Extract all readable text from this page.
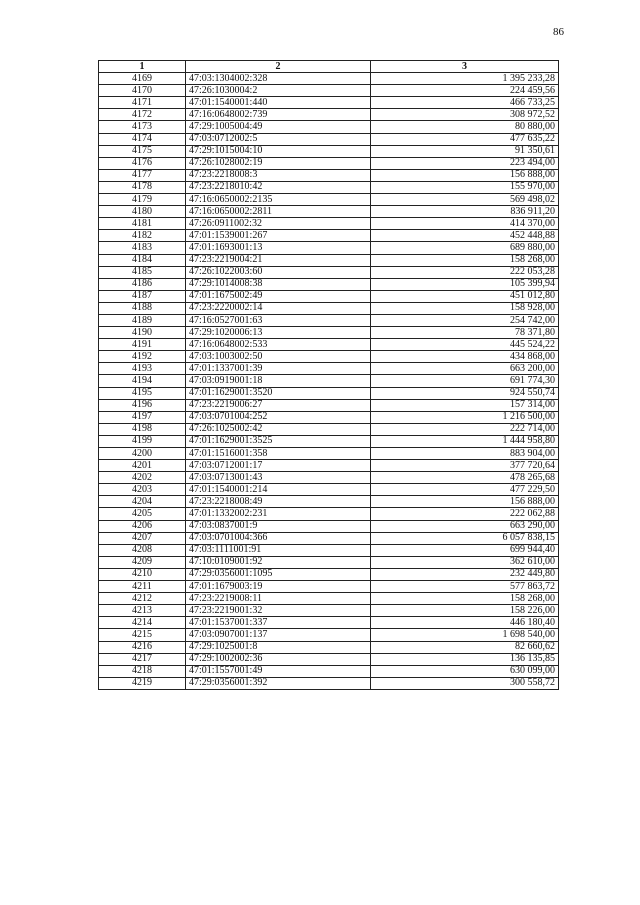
86
1	2	3
4169	47:03:1304002:328	1 395 233,28
4170	47:26:1030004:2	224 459,56
4171	47:01:1540001:440	466 733,25
4172	47:16:0648002:739	308 972,52
4173	47:29:1005004:49	80 880,00
4174	47:03:0712002:5	477 635,22
4175	47:29:1015004:10	91 350,61
4176	47:26:1028002:19	223 494,00
4177	47:23:2218008:3	156 888,00
4178	47:23:2218010:42	155 970,00
4179	47:16:0650002:2135	569 498,02
4180	47:16:0650002:2811	836 911,20
4181	47:26:0911002:32	414 370,00
4182	47:01:1539001:267	452 448,88
4183	47:01:1693001:13	689 880,00
4184	47:23:2219004:21	158 268,00
4185	47:26:1022003:60	222 053,28
4186	47:29:1014008:38	105 399,94
4187	47:01:1675002:49	451 012,80
4188	47:23:2220002:14	158 928,00
4189	47:16:0527001:63	254 742,00
4190	47:29:1020006:13	78 371,80
4191	47:16:0648002:533	445 524,22
4192	47:03:1003002:50	434 868,00
4193	47:01:1337001:39	663 200,00
4194	47:03:0919001:18	691 774,30
4195	47:01:1629001:3520	924 550,74
4196	47:23:2219006:27	157 314,00
4197	47:03:0701004:252	1 216 500,00
4198	47:26:1025002:42	222 714,00
4199	47:01:1629001:3525	1 444 958,80
4200	47:01:1516001:358	883 904,00
4201	47:03:0712001:17	377 720,64
4202	47:03:0713001:43	478 265,68
4203	47:01:1540001:214	477 229,50
4204	47:23:2218008:49	156 888,00
4205	47:01:1332002:231	222 062,88
4206	47:03:0837001:9	663 290,00
4207	47:03:0701004:366	6 057 838,15
4208	47:03:1111001:91	699 944,40
4209	47:10:0109001:92	362 610,00
4210	47:29:0356001:1095	232 449,80
4211	47:01:1679003:19	577 863,72
4212	47:23:2219008:11	158 268,00
4213	47:23:2219001:32	158 226,00
4214	47:01:1537001:337	446 180,40
4215	47:03:0907001:137	1 698 540,00
4216	47:29:1025001:8	82 660,62
4217	47:29:1002002:36	136 135,85
4218	47:01:1557001:49	630 099,00
4219	47:29:0356001:392	300 558,72
